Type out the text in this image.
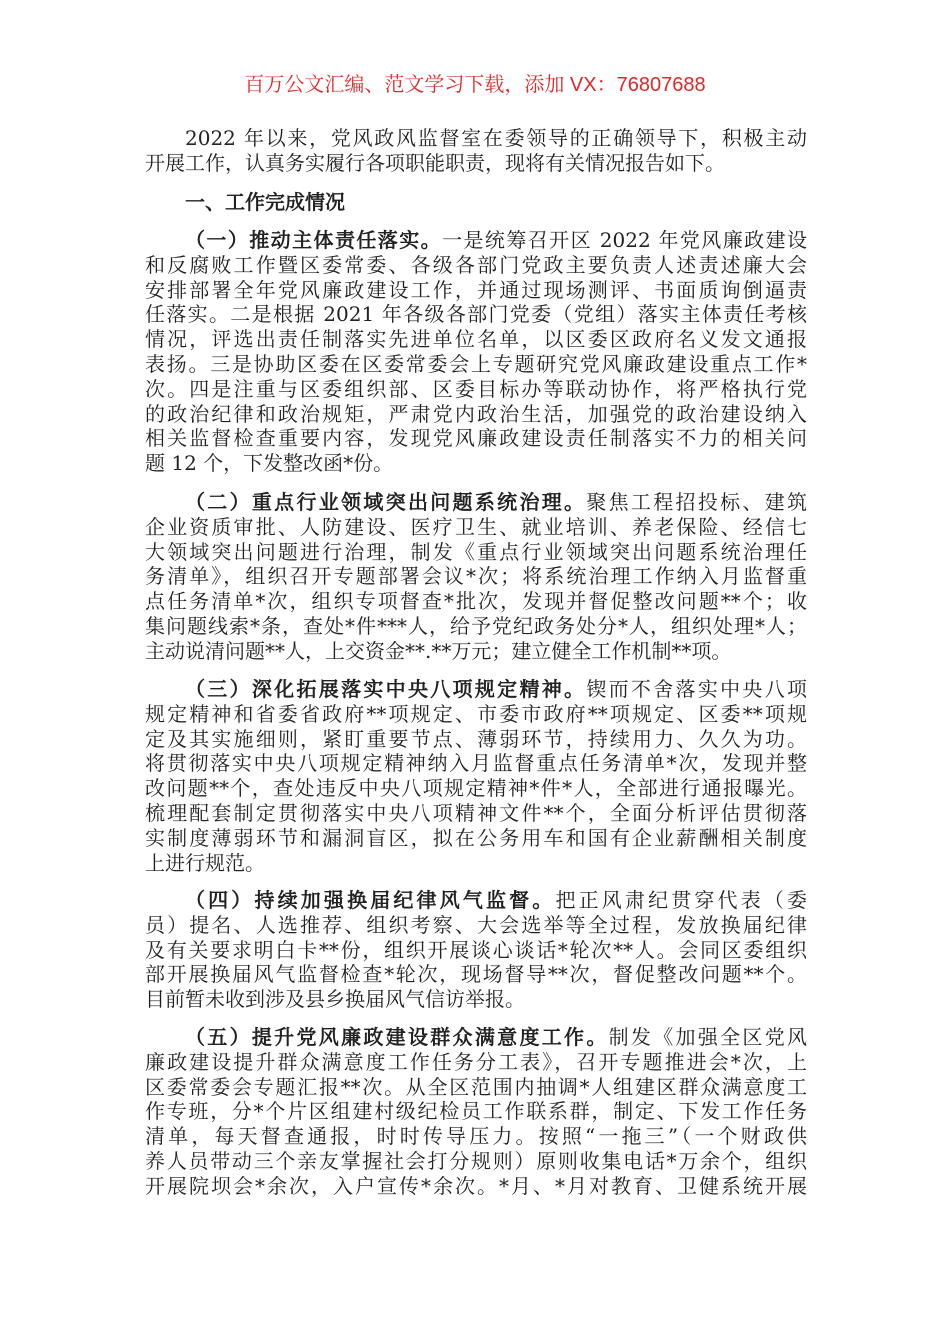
百万公文汇编、范文学习下载，添加 VX：76807688
2022 年以来，党风政风监督室在委领导的正确领导下，积极主动
开展工作，认真务实履行各项职能职责，现将有关情况报告如下。
一、工作完成情况
（一）推动主体责任落实。一是统筹召开区 2022 年党风廉政建设
和反腐败工作暨区委常委、各级各部门党政主要负责人述责述廉大会
安排部署全年党风廉政建设工作，并通过现场测评、书面质询倒逼责
任落实。二是根据 2021 年各级各部门党委（党组）落实主体责任考核
情况，评选出责任制落实先进单位名单，以区委区政府名义发文通报
表扬。三是协助区委在区委常委会上专题研究党风廉政建设重点工作*
次。四是注重与区委组织部、区委目标办等联动协作，将严格执行党
的政治纪律和政治规矩，严肃党内政治生活，加强党的政治建设纳入
相关监督检查重要内容，发现党风廉政建设责任制落实不力的相关问
题 12 个，下发整改函*份。
（二）重点行业领域突出问题系统治理。聚焦工程招投标、建筑
企业资质审批、人防建设、医疗卫生、就业培训、养老保险、经信七
大领域突出问题进行治理，制发《重点行业领域突出问题系统治理任
务清单》，组织召开专题部署会议*次；将系统治理工作纳入月监督重
点任务清单*次，组织专项督查*批次，发现并督促整改问题**个；收
集问题线索*条，查处*件***人，给予党纪政务处分*人，组织处理*人；
主动说清问题**人，上交资金**.**万元；建立健全工作机制**项。
（三）深化拓展落实中央八项规定精神。锲而不舍落实中央八项
规定精神和省委省政府**项规定、市委市政府**项规定、区委**项规
定及其实施细则，紧盯重要节点、薄弱环节，持续用力、久久为功。
将贯彻落实中央八项规定精神纳入月监督重点任务清单*次，发现并整
改问题**个，查处违反中央八项规定精神*件*人，全部进行通报曝光。
梳理配套制定贯彻落实中央八项精神文件**个，全面分析评估贯彻落
实制度薄弱环节和漏洞盲区，拟在公务用车和国有企业薪酬相关制度
上进行规范。
（四）持续加强换届纪律风气监督。把正风肃纪贯穿代表（委
员）提名、人选推荐、组织考察、大会选举等全过程，发放换届纪律
及有关要求明白卡**份，组织开展谈心谈话*轮次**人。会同区委组织
部开展换届风气监督检查*轮次，现场督导**次，督促整改问题**个。
目前暂未收到涉及县乡换届风气信访举报。
（五）提升党风廉政建设群众满意度工作。制发《加强全区党风
廉政建设提升群众满意度工作任务分工表》，召开专题推进会*次，上
区委常委会专题汇报**次。从全区范围内抽调*人组建区群众满意度工
作专班，分*个片区组建村级纪检员工作联系群，制定、下发工作任务
清单，每天督查通报，时时传导压力。按照“一拖三”（一个财政供
养人员带动三个亲友掌握社会打分规则）原则收集电话*万余个，组织
开展院坝会*余次，入户宣传*余次。*月、*月对教育、卫健系统开展
